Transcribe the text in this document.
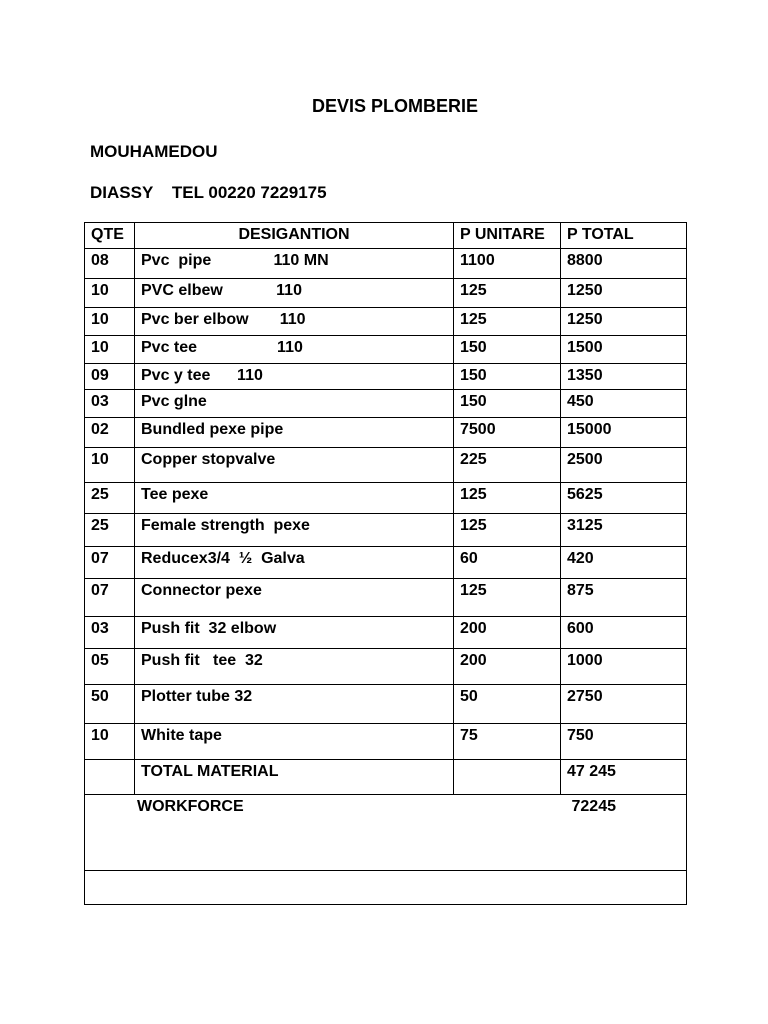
DEVIS PLOMBERIE
MOUHAMEDOU
DIASSY    TEL 00220 7229175
QTE	DESIGANTION	P UNITARE	P TOTAL
08	Pvc  pipe              110 MN	1100	8800
10	PVC elbew            110	125	1250
10	Pvc ber elbow       110	125	1250
10	Pvc tee                  110	150	1500
09	Pvc y tee      110	150	1350
03	Pvc glne	150	450
02	Bundled pexe pipe	7500	15000
10	Copper stopvalve	225	2500
25	Tee pexe	125	5625
25	Female strength  pexe	125	3125
07	Reducex3/4  ½  Galva	60	420
07	Connector pexe	125	875
03	Push fit  32 elbow	200	600
05	Push fit   tee  32	200	1000
50	Plotter tube 32	50	2750
10	White tape	75	750
	TOTAL MATERIAL		47 245

WORKFORCE 72245			
